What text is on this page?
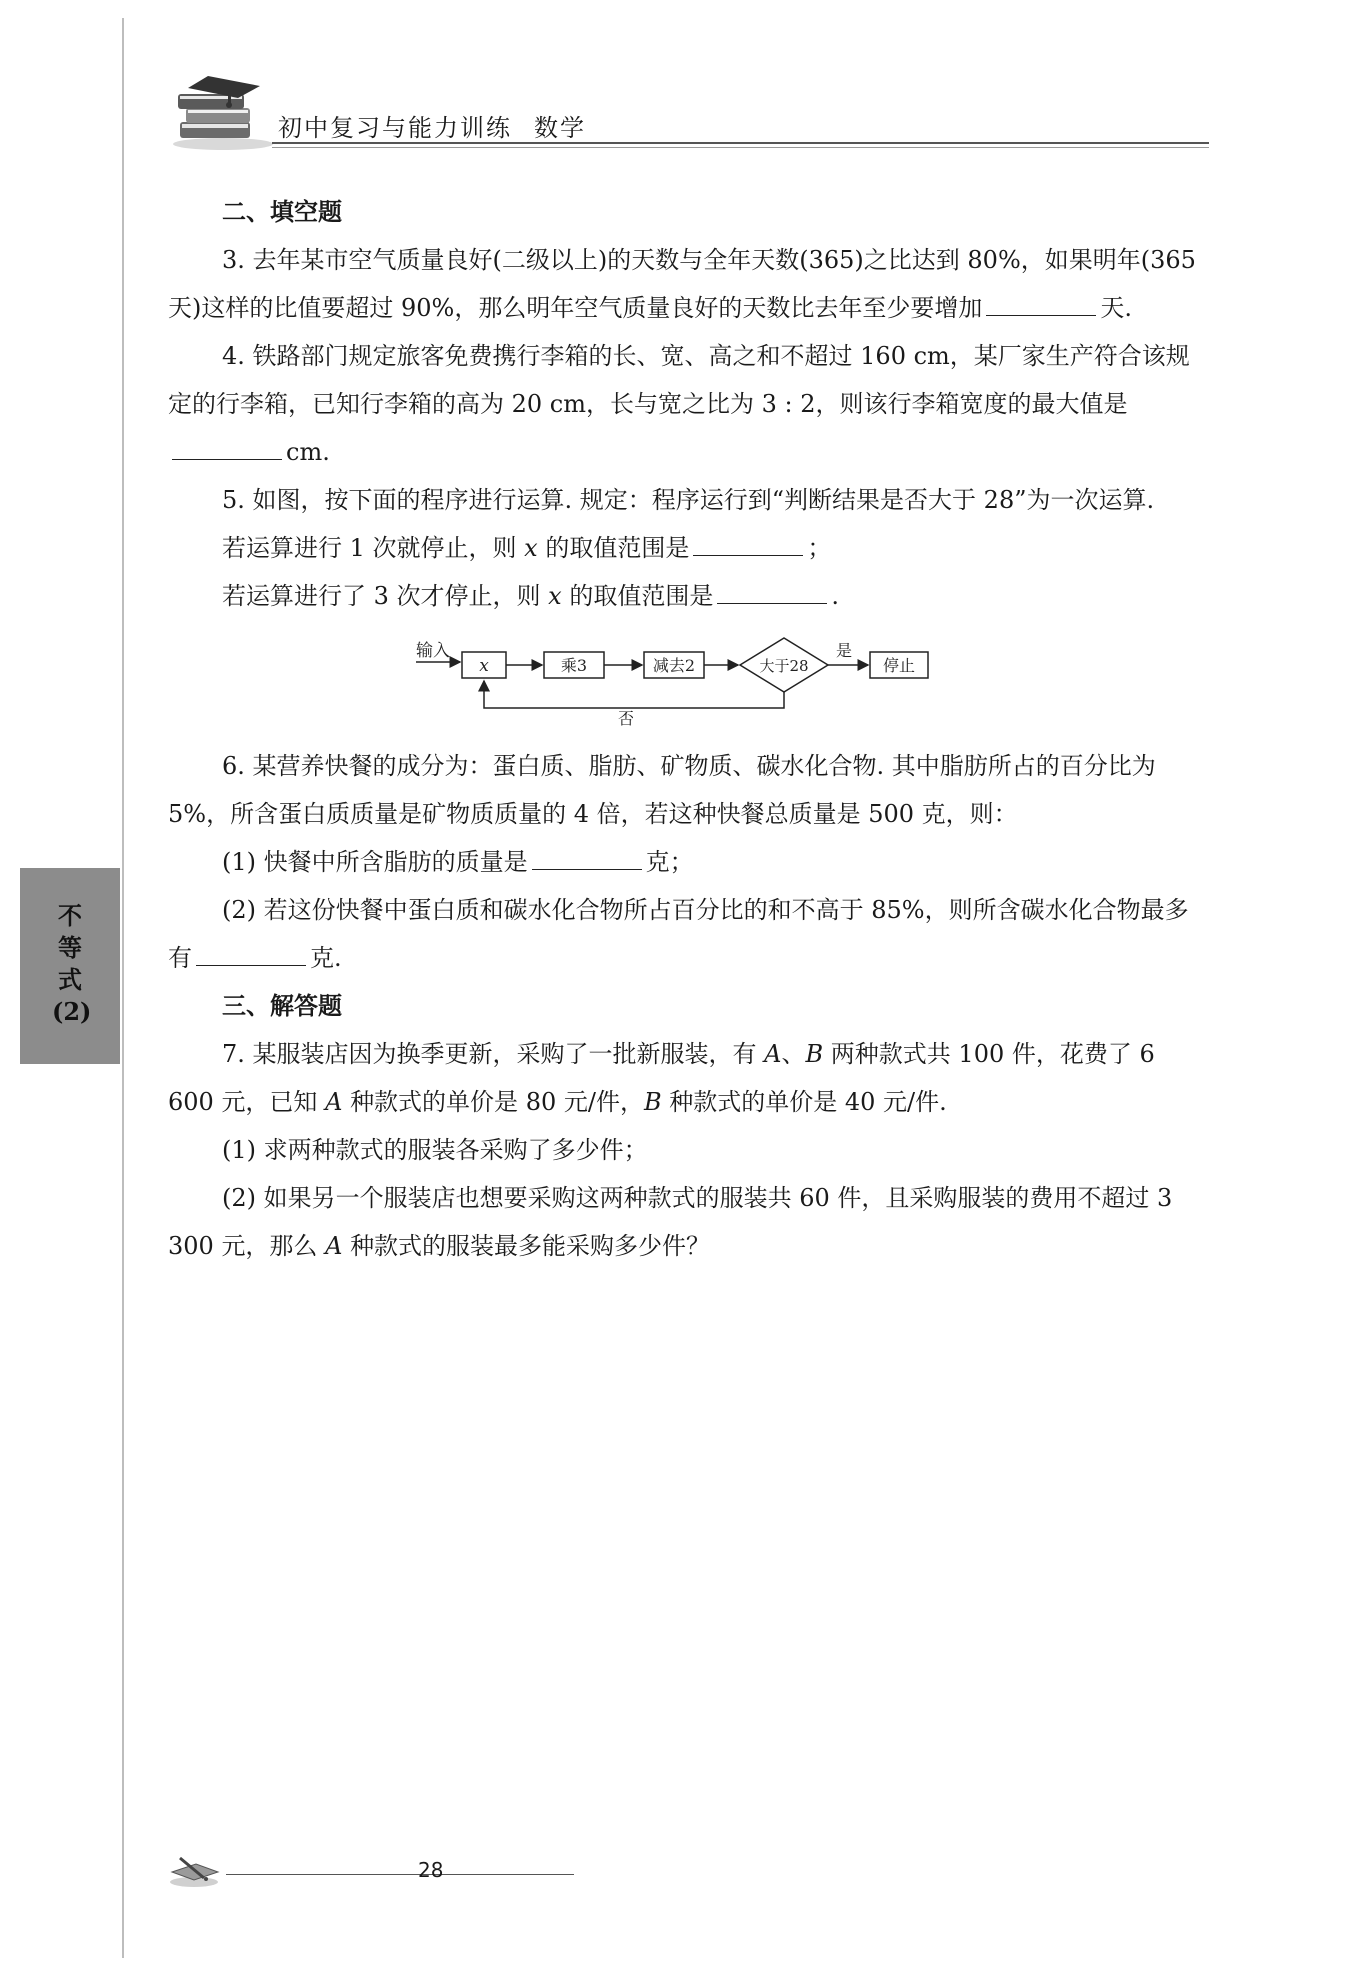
初中复习与能力训练 数学
不
等
式
(2)

二、填空题

3. 去年某市空气质量良好(二级以上)的天数与全年天数(365)之比达到 80%，如果明年(365 天)这样的比值要超过 90%，那么明年空气质量良好的天数比去年至少要增加	天.

4. 铁路部门规定旅客免费携行李箱的长、宽、高之和不超过 160 cm，某厂家生产符合该规定的行李箱，已知行李箱的高为 20 cm，长与宽之比为 3 : 2，则该行李箱宽度的最大值是cm.

5. 如图，按下面的程序进行运算. 规定：程序运行到“判断结果是否大于 28”为一次运算.

若运算进行 1 次就停止，则 x 的取值范围是	；

若运算进行了 3 次才停止，则 x 的取值范围是	.

输入
x	乘3	减去2	大于28
是
停止
否

6. 某营养快餐的成分为：蛋白质、脂肪、矿物质、碳水化合物. 其中脂肪所占的百分比为 5%，所含蛋白质质量是矿物质质量的 4 倍，若这种快餐总质量是 500 克，则：

(1) 快餐中所含脂肪的质量是	克；

(2) 若这份快餐中蛋白质和碳水化合物所占百分比的和不高于 85%，则所含碳水化合物最多有	克.

三、解答题

7. 某服装店因为换季更新，采购了一批新服装，有 A、B 两种款式共 100 件，花费了 6 600 元，已知 A 种款式的单价是 80 元/件，B 种款式的单价是 40 元/件.

(1) 求两种款式的服装各采购了多少件；

(2) 如果另一个服装店也想要采购这两种款式的服装共 60 件，且采购服装的费用不超过 3 300 元，那么 A 种款式的服装最多能采购多少件？

28
